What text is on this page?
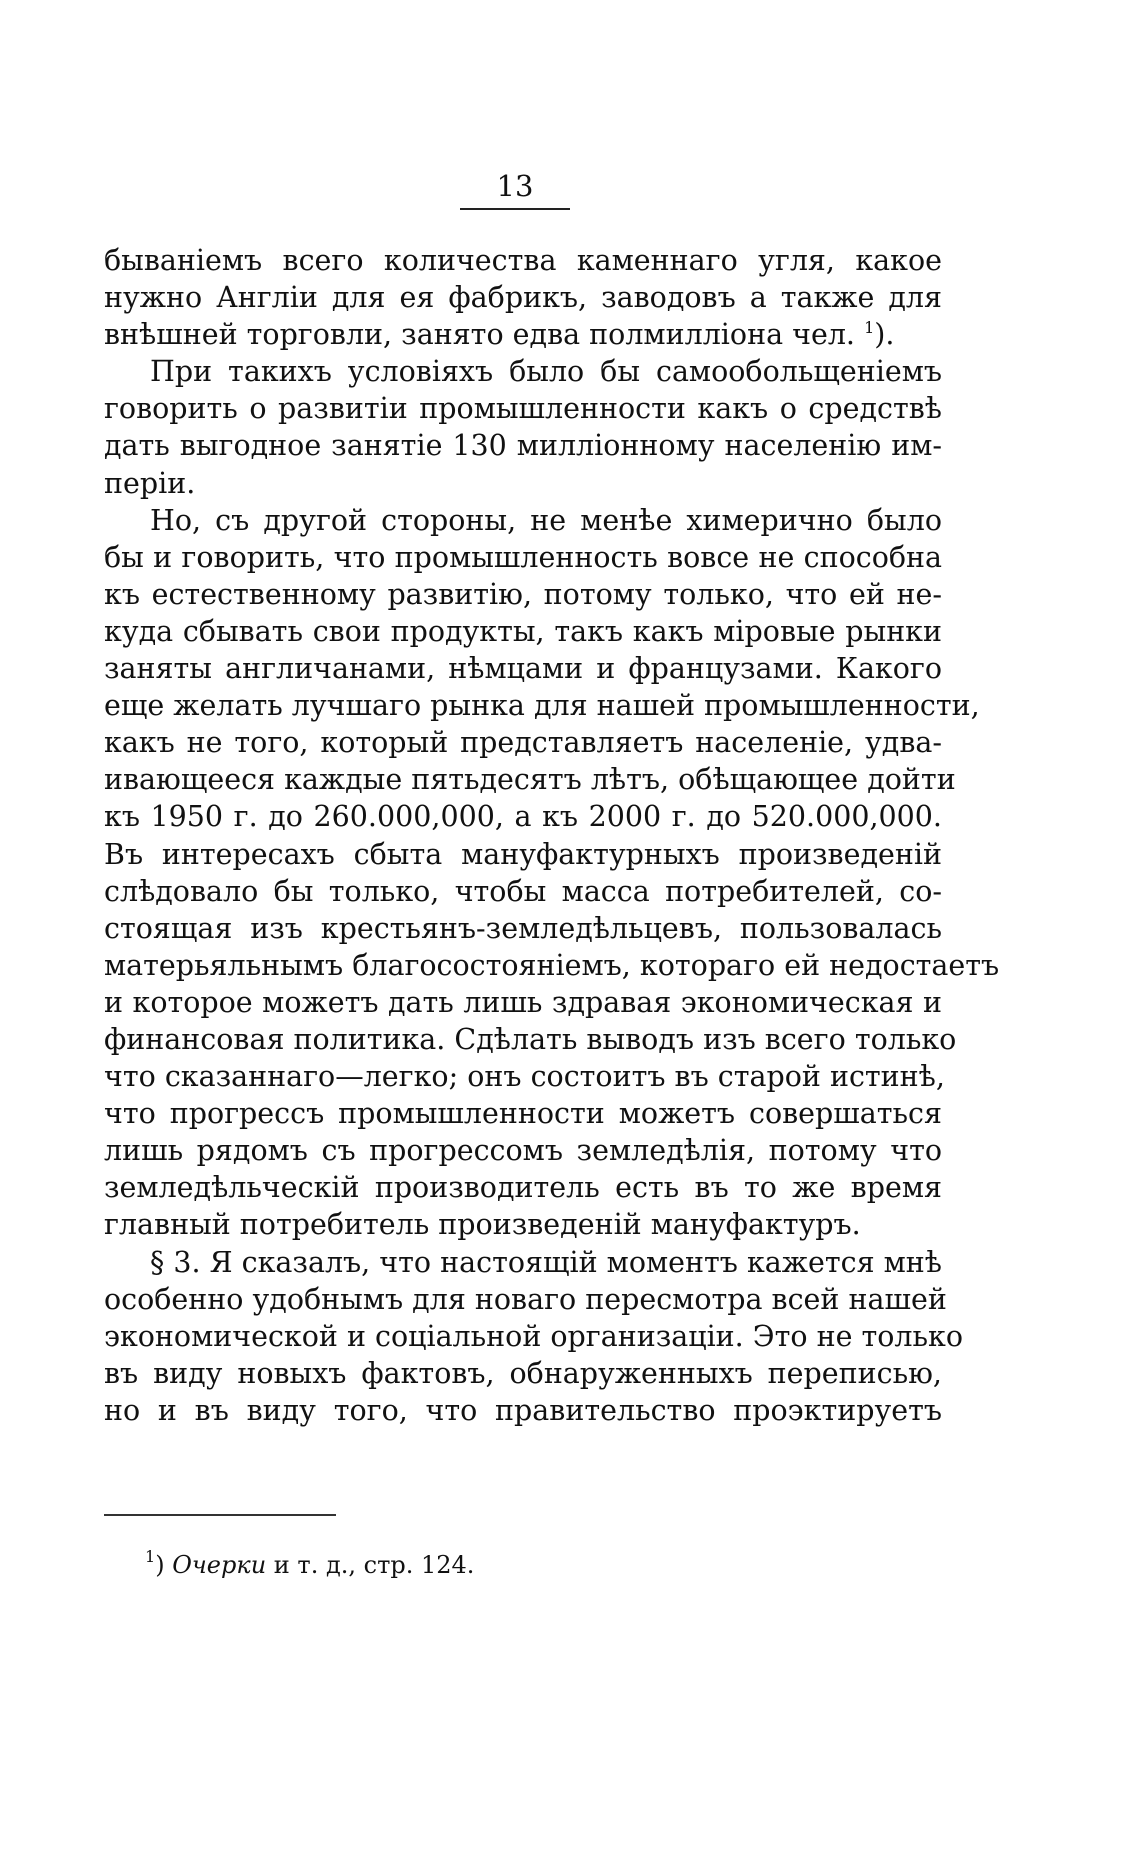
13
быванiемъ всего количества каменнаго угля, какое
нужно Англiи для ея фабрикъ, заводовъ а также для
внѣшней торговли, занято едва полмилліона чел. $^1$).
При такихъ условiяхъ было бы самообольщенiемъ
говорить о развитiи промышленности какъ о средствѣ
дать выгодное занятіе 130 милліонному населенiю им-
перiи.
Но, съ другой стороны, не менѣе химерично было
бы и говорить, что промышленность вовсе не способна
къ естественному развитiю, потому только, что ей не-
куда сбывать свои продукты, такъ какъ мiровые рынки
заняты англичанами, нѣмцами и французами. Какого
еще желать лучшаго рынка для нашей промышленности,
какъ не того, который представляетъ населенiе, удва-
ивающееся каждые пятьдесятъ лѣтъ, обѣщающее дойти
къ 1950 г. до 260.000,000, а къ 2000 г. до 520.000,000.
Въ интересахъ сбыта мануфактурныхъ произведенiй
слѣдовало бы только, чтобы масса потребителей, со-
стоящая изъ крестьянъ-земледѣльцевъ, пользовалась
матерьяльнымъ благосостоянiемъ, котораго ей недостаетъ
и которое можетъ дать лишь здравая экономическая и
финансовая политика. Сдѣлать выводъ изъ всего только
что сказаннаго—легко; онъ состоитъ въ старой истинѣ,
что прогрессъ промышленности можетъ совершаться
лишь рядомъ съ прогрессомъ земледѣлiя, потому что
земледѣльческiй производитель есть въ то же время
главный потребитель произведенiй мануфактуръ.
§ 3. Я сказалъ, что настоящiй моментъ кажется мнѣ
особенно удобнымъ для новаго пересмотра всей нашей
экономической и соцiальной организацiи. Это не только
въ виду новыхъ фактовъ, обнаруженныхъ переписью,
но и въ виду того, что правительство проэктируетъ
$^1$) Очерки и т. д., стр. 124.
